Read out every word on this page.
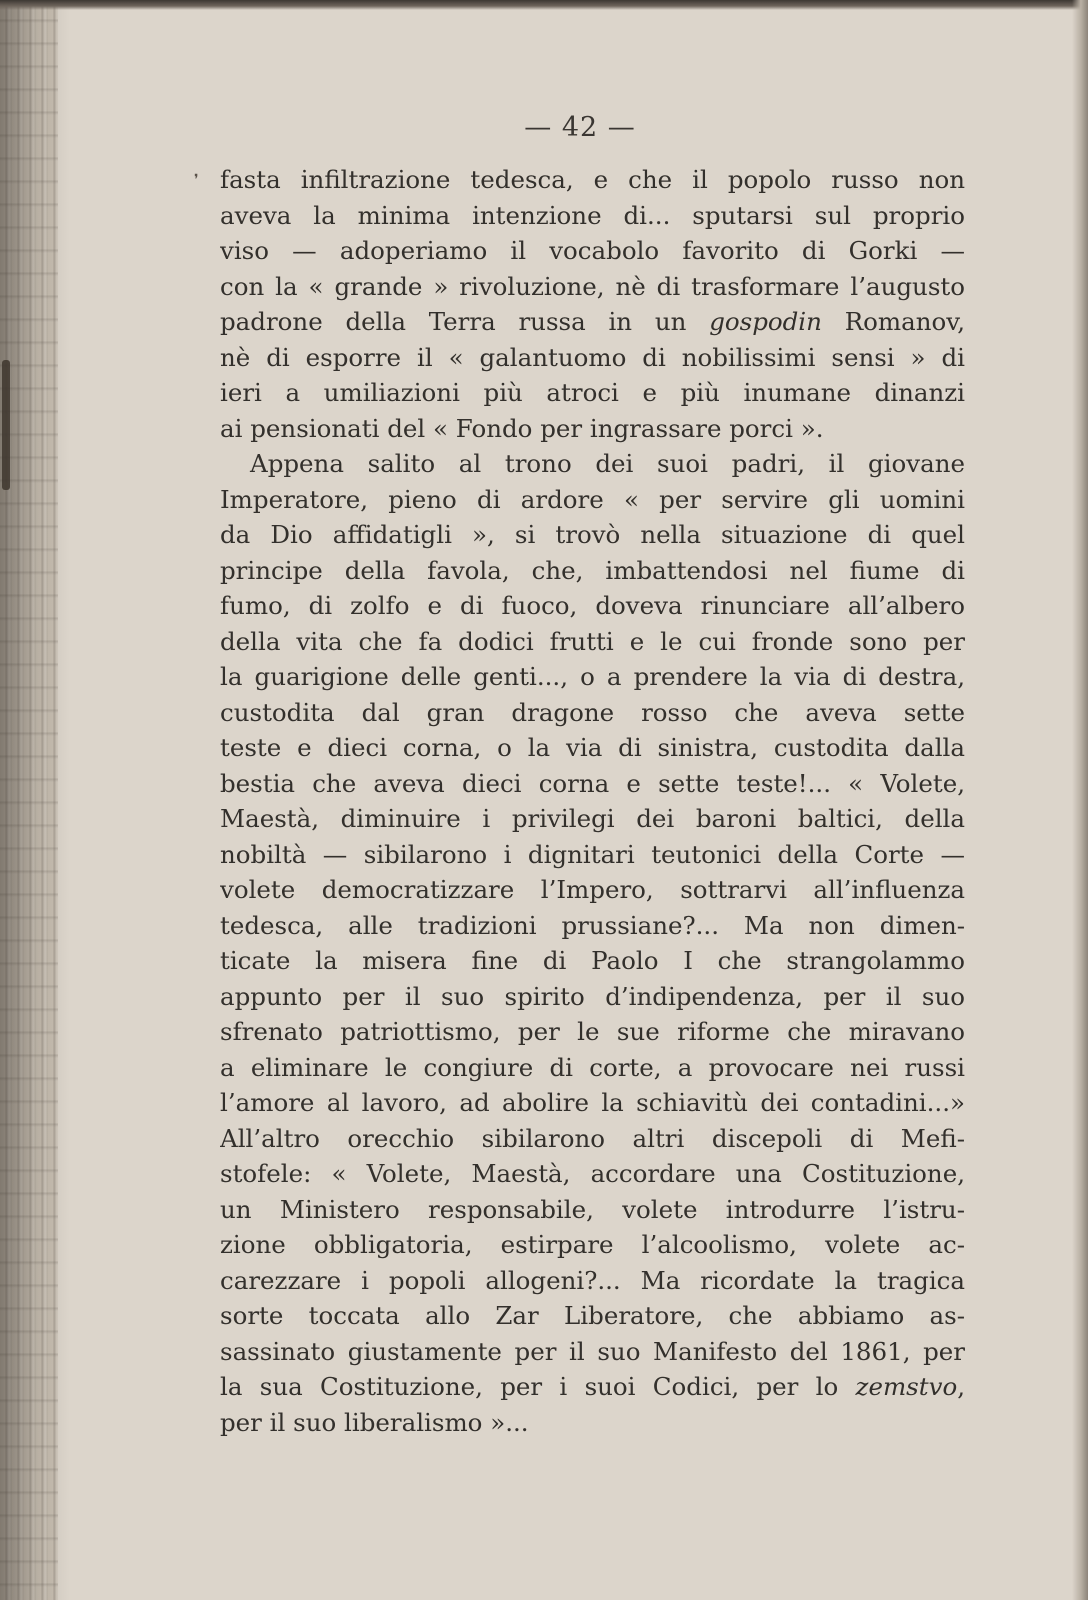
— 42 —
❜ fasta infiltrazione tedesca, e che il popolo russo non
aveva la minima intenzione di... sputarsi sul proprio
viso — adoperiamo il vocabolo favorito di Gorki —
con la « grande » rivoluzione, nè di trasformare l’augusto
padrone della Terra russa in un gospodin Romanov,
nè di esporre il « galantuomo di nobilissimi sensi » di
ieri a umiliazioni più atroci e più inumane dinanzi
ai pensionati del « Fondo per ingrassare porci ».
Appena salito al trono dei suoi padri, il giovane
Imperatore, pieno di ardore « per servire gli uomini
da Dio affidatigli », si trovò nella situazione di quel
principe della favola, che, imbattendosi nel fiume di
fumo, di zolfo e di fuoco, doveva rinunciare all’albero
della vita che fa dodici frutti e le cui fronde sono per
la guarigione delle genti..., o a prendere la via di destra,
custodita dal gran dragone rosso che aveva sette
teste e dieci corna, o la via di sinistra, custodita dalla
bestia che aveva dieci corna e sette teste!... « Volete,
Maestà, diminuire i privilegi dei baroni baltici, della
nobiltà — sibilarono i dignitari teutonici della Corte —
volete democratizzare l’Impero, sottrarvi all’influenza
tedesca, alle tradizioni prussiane?... Ma non dimen-
ticate la misera fine di Paolo I che strangolammo
appunto per il suo spirito d’indipendenza, per il suo
sfrenato patriottismo, per le sue riforme che miravano
a eliminare le congiure di corte, a provocare nei russi
l’amore al lavoro, ad abolire la schiavitù dei contadini...»
All’altro orecchio sibilarono altri discepoli di Mefi-
stofele: « Volete, Maestà, accordare una Costituzione,
un Ministero responsabile, volete introdurre l’istru-
zione obbligatoria, estirpare l’alcoolismo, volete ac-
carezzare i popoli allogeni?... Ma ricordate la tragica
sorte toccata allo Zar Liberatore, che abbiamo as-
sassinato giustamente per il suo Manifesto del 1861, per
la sua Costituzione, per i suoi Codici, per lo zemstvo,
per il suo liberalismo »...
